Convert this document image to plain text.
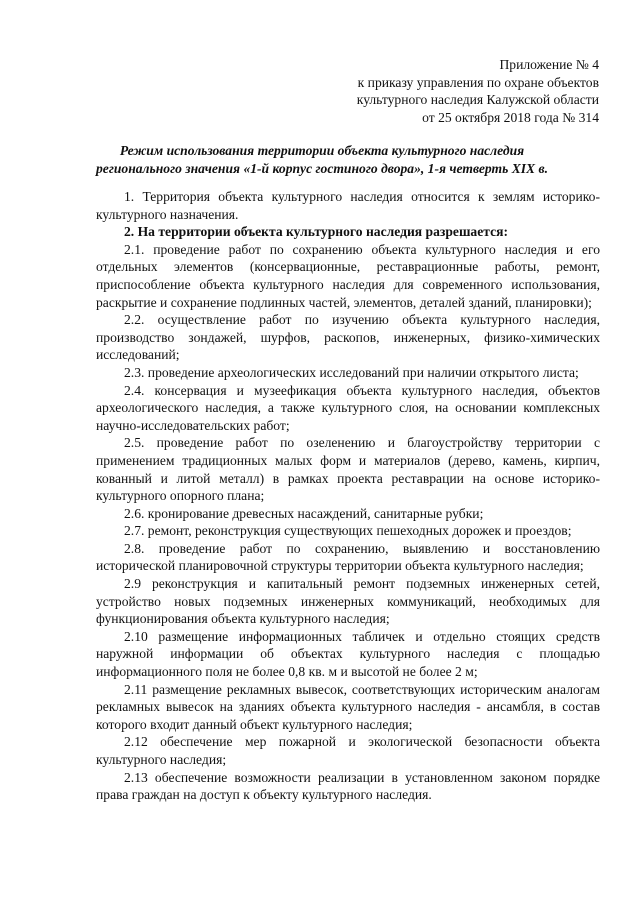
Приложение № 4
к приказу управления по охране объектов
культурного наследия Калужской области
от 25 октября 2018 года № 314
Режим использования территории объекта культурного наследия
регионального значения «1-й корпус гостиного двора», 1-я четверть XIX в.

1. Территория объекта культурного наследия относится к землям историко-культурного назначения.

2. На территории объекта культурного наследия разрешается:

2.1. проведение работ по сохранению объекта культурного наследия и его отдельных элементов (консервационные, реставрационные работы, ремонт, приспособление объекта культурного наследия для современного использования, раскрытие и сохранение подлинных частей, элементов, деталей зданий, планировки);

2.2. осуществление работ по изучению объекта культурного наследия, производство зондажей, шурфов, раскопов, инженерных, физико-химических исследований;

2.3. проведение археологических исследований при наличии открытого листа;

2.4. консервация и музеефикация объекта культурного наследия, объектов археологического наследия, а также культурного слоя, на основании комплексных научно-исследовательских работ;

2.5. проведение работ по озеленению и благоустройству территории с применением традиционных малых форм и материалов (дерево, камень, кирпич, кованный и литой металл) в рамках проекта реставрации на основе историко-культурного опорного плана;

2.6. кронирование древесных насаждений, санитарные рубки;

2.7. ремонт, реконструкция существующих пешеходных дорожек и проездов;

2.8. проведение работ по сохранению, выявлению и восстановлению исторической планировочной структуры территории объекта культурного наследия;

2.9 реконструкция и капитальный ремонт подземных инженерных сетей, устройство новых подземных инженерных коммуникаций, необходимых для функционирования объекта культурного наследия;

2.10 размещение информационных табличек и отдельно стоящих средств наружной информации об объектах культурного наследия с площадью информационного поля не более 0,8 кв. м и высотой не более 2 м;

2.11 размещение рекламных вывесок, соответствующих историческим аналогам рекламных вывесок на зданиях объекта культурного наследия - ансамбля, в состав которого входит данный объект культурного наследия;

2.12 обеспечение мер пожарной и экологической безопасности объекта культурного наследия;

2.13 обеспечение возможности реализации в установленном законом порядке права граждан на доступ к объекту культурного наследия.
